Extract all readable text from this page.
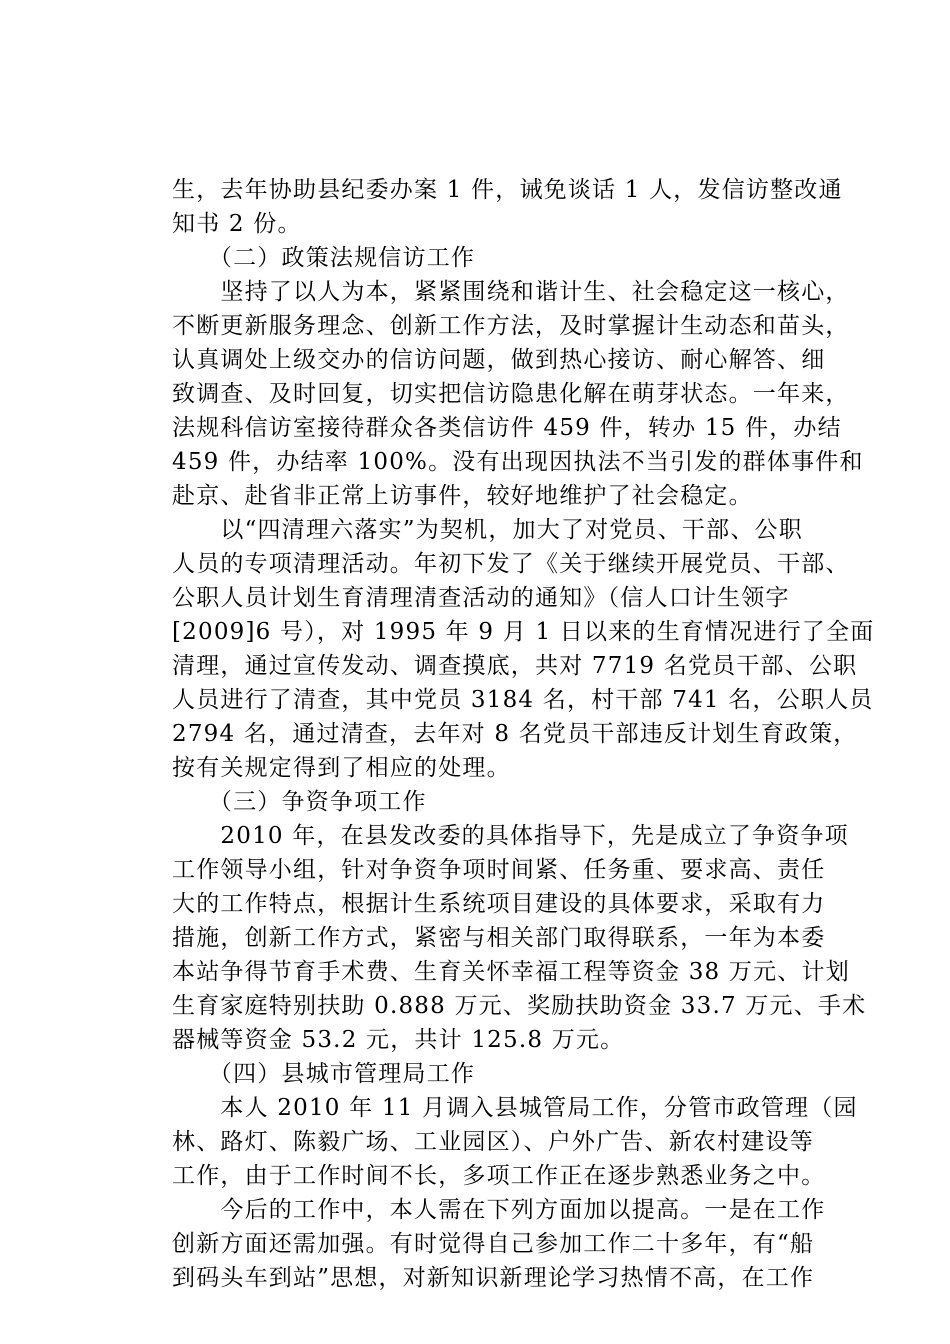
生，去年协助县纪委办案 1 件，诫免谈话 1 人，发信访整改通
知书 2 份。
　　（二）政策法规信访工作
　　坚持了以人为本，紧紧围绕和谐计生、社会稳定这一核心，
不断更新服务理念、创新工作方法，及时掌握计生动态和苗头，
认真调处上级交办的信访问题，做到热心接访、耐心解答、细
致调查、及时回复，切实把信访隐患化解在萌芽状态。一年来，
法规科信访室接待群众各类信访件 459 件，转办 15 件，办结
459 件，办结率 100%。没有出现因执法不当引发的群体事件和
赴京、赴省非正常上访事件，较好地维护了社会稳定。
　　以“四清理六落实”为契机，加大了对党员、干部、公职
人员的专项清理活动。年初下发了《关于继续开展党员、干部、
公职人员计划生育清理清查活动的通知》（信人口计生领字
[2009]6 号），对 1995 年 9 月 1 日以来的生育情况进行了全面
清理，通过宣传发动、调查摸底，共对 7719 名党员干部、公职
人员进行了清查，其中党员 3184 名，村干部 741 名，公职人员
2794 名，通过清查，去年对 8 名党员干部违反计划生育政策，
按有关规定得到了相应的处理。
　　（三）争资争项工作
　　2010 年，在县发改委的具体指导下，先是成立了争资争项
工作领导小组，针对争资争项时间紧、任务重、要求高、责任
大的工作特点，根据计生系统项目建设的具体要求，采取有力
措施，创新工作方式，紧密与相关部门取得联系，一年为本委
本站争得节育手术费、生育关怀幸福工程等资金 38 万元、计划
生育家庭特别扶助 0.888 万元、奖励扶助资金 33.7 万元、手术
器械等资金 53.2 元，共计 125.8 万元。
　　（四）县城市管理局工作
　　本人 2010 年 11 月调入县城管局工作，分管市政管理（园
林、路灯、陈毅广场、工业园区）、户外广告、新农村建设等
工作，由于工作时间不长，多项工作正在逐步熟悉业务之中。
　　今后的工作中，本人需在下列方面加以提高。一是在工作
创新方面还需加强。有时觉得自己参加工作二十多年，有“船
到码头车到站”思想，对新知识新理论学习热情不高，在工作
